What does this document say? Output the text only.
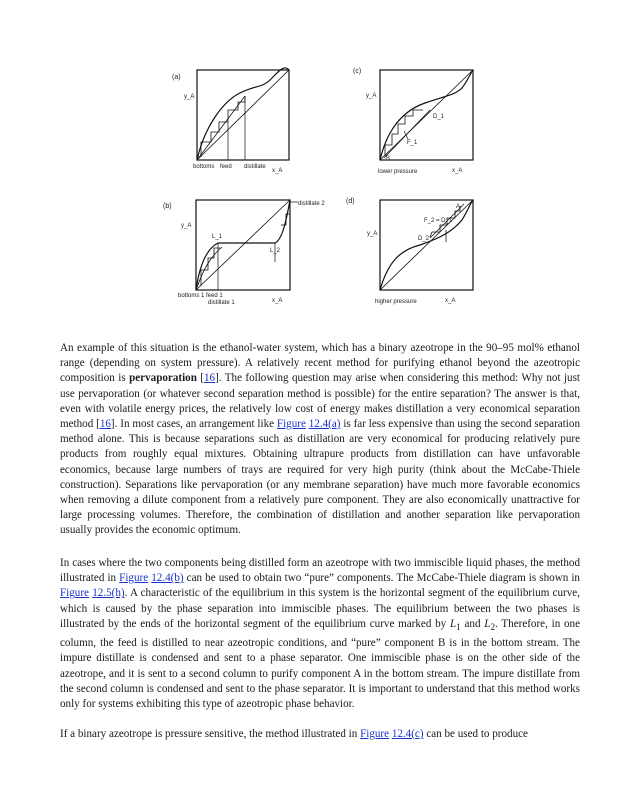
(a)
y_A
x_A
bottoms feed distillate
(b)	distillate 2
y_A
L_1
L_2
x_A
bottoms 1 feed 1
distillate 1
(c)
y_A
D_1
F_1
B
x_A
lower pressure
(d)
y_A
A
F_2 = D_1
D_2
x_A
higher pressure

An example of this situation is the ethanol-water system, which has a binary azeotrope in the 90–95 mol% ethanol range (depending on system pressure). A relatively recent method for purifying ethanol beyond the azeotropic composition is pervaporation [16]. The following question may arise when considering this method: Why not just use pervaporation (or whatever second separation method is possible) for the entire separation? The answer is that, even with volatile energy prices, the relatively low cost of energy makes distillation a very economical separation method [16]. In most cases, an arrangement like Figure 12.4(a) is far less expensive than using the second separation method alone. This is because separations such as distillation are very economical for producing relatively pure products from roughly equal mixtures. Obtaining ultrapure products from distillation can have unfavorable economics, because large numbers of trays are required for very high purity (think about the McCabe-Thiele construction). Separations like pervaporation (or any membrane separation) have much more favorable economics when removing a dilute component from a relatively pure component. They are also economically unattractive for large processing volumes. Therefore, the combination of distillation and another separation like pervaporation usually provides the economic optimum.

In cases where the two components being distilled form an azeotrope with two immiscible liquid phases, the method illustrated in Figure 12.4(b) can be used to obtain two “pure” components. The McCabe-Thiele diagram is shown in Figure 12.5(h). A characteristic of the equilibrium in this system is the horizontal segment of the equilibrium curve, which is caused by the phase separation into immiscible phases. The equilibrium between the two phases is illustrated by the ends of the horizontal segment of the equilibrium curve marked by $L_1$ and $L_2$. Therefore, in one column, the feed is distilled to near azeotropic conditions, and “pure” component B is in the bottom stream. The impure distillate is condensed and sent to a phase separator. One immiscible phase is on the other side of the azeotrope, and it is sent to a second column to purify component A in the bottom stream. The impure distillate from the second column is condensed and sent to the phase separator. It is important to understand that this method works only for systems exhibiting this type of azeotropic phase behavior.

If a binary azeotrope is pressure sensitive, the method illustrated in Figure 12.4(c) can be used to produce
